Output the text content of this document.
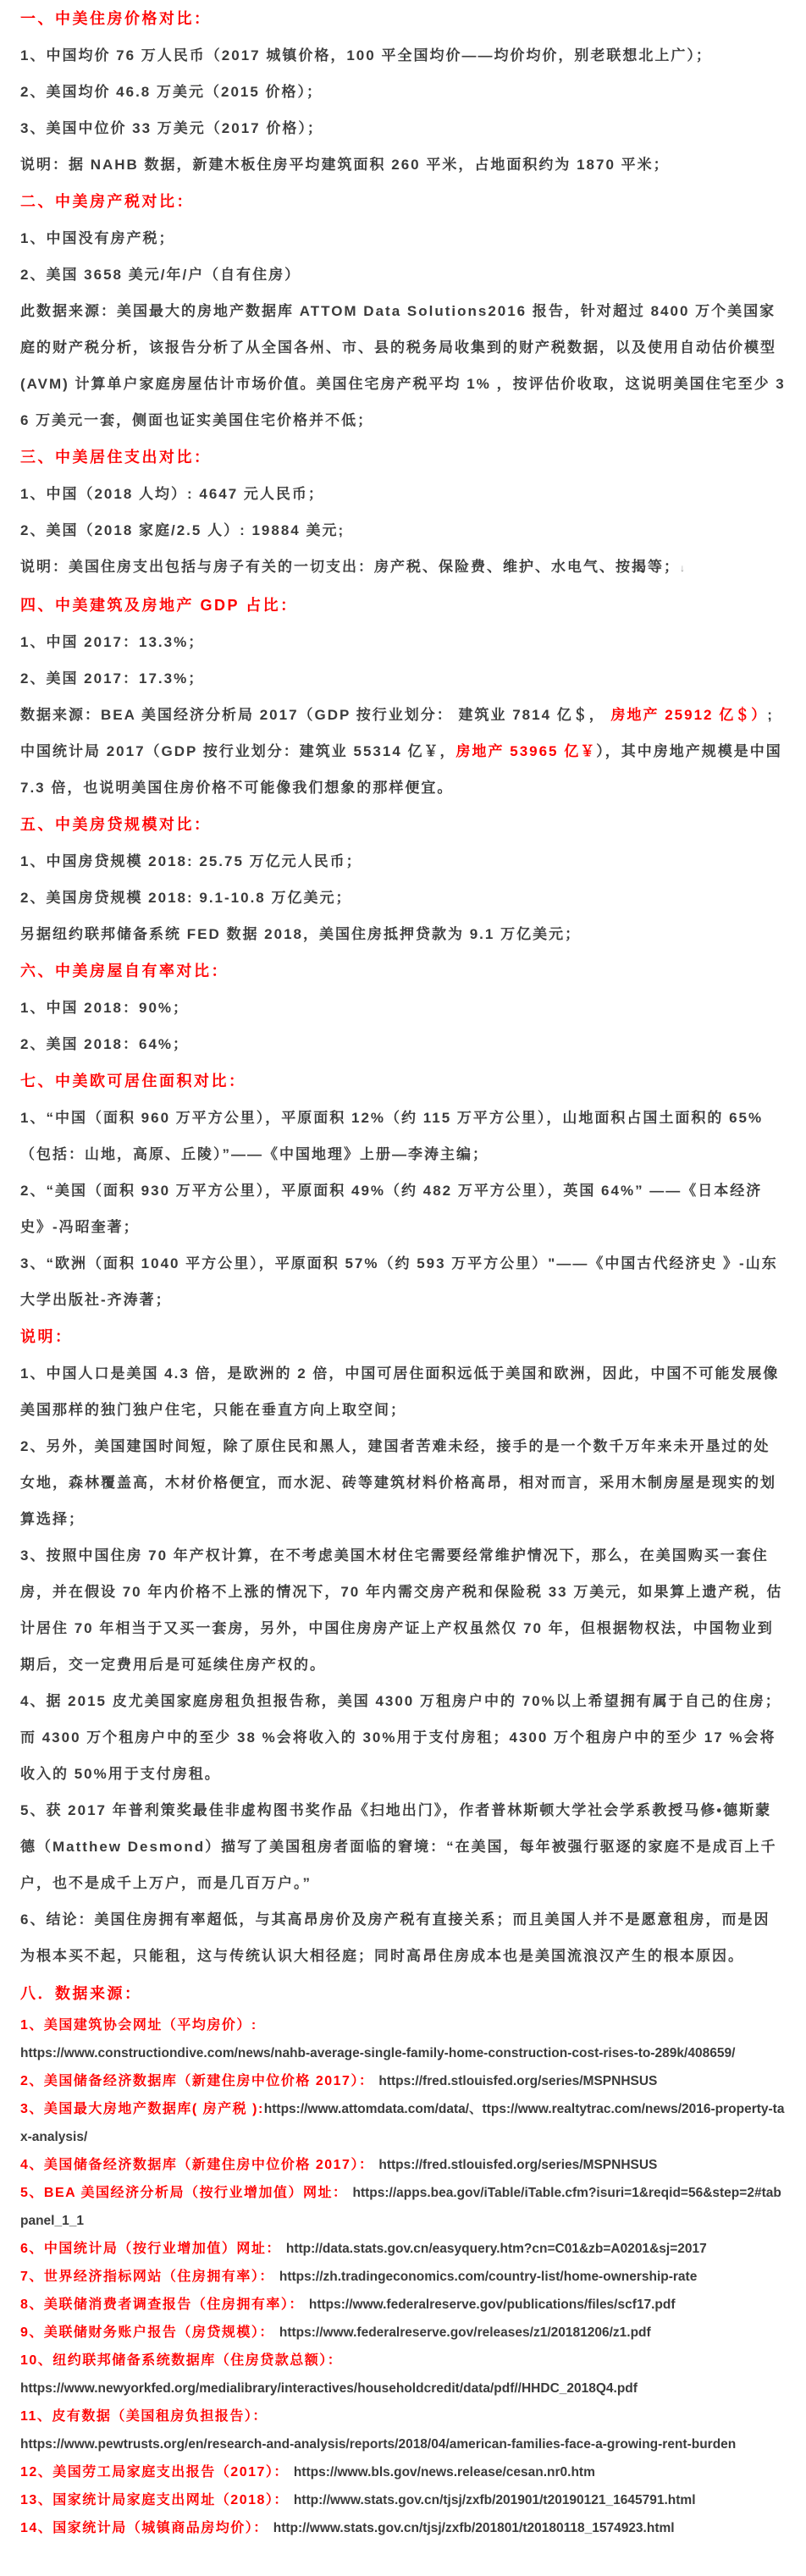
一、中美住房价格对比：

1、中国均价 76 万人民币（2017 城镇价格，100 平全国均价——均价均价，别老联想北上广）；

2、美国均价 46.8 万美元（2015 价格）；

3、美国中位价 33 万美元（2017 价格）；

说明：据 NAHB 数据，新建木板住房平均建筑面积 260 平米，占地面积约为 1870 平米；

二、中美房产税对比：

1、中国没有房产税；

2、美国 3658 美元/年/户（自有住房）

此数据来源：美国最大的房地产数据库 ATTOM Data Solutions2016 报告，针对超过 8400 万个美国家庭的财产税分析，该报告分析了从全国各州、市、县的税务局收集到的财产税数据，以及使用自动估价模型(AVM) 计算单户家庭房屋估计市场价值。美国住宅房产税平均 1% ，按评估价收取，这说明美国住宅至少 36 万美元一套，侧面也证实美国住宅价格并不低；

三、中美居住支出对比：

1、中国（2018 人均）: 4647 元人民币；

2、美国（2018 家庭/2.5 人）: 19884 美元;

说明：美国住房支出包括与房子有关的一切支出：房产税、保险费、维护、水电气、按揭等；↓

四、中美建筑及房地产 GDP 占比：

1、中国 2017：13.3%；

2、美国 2017：17.3%；

数据来源：BEA 美国经济分析局 2017（GDP 按行业划分： 建筑业 7814 亿＄， 房地产 25912 亿＄）;中国统计局 2017（GDP 按行业划分：建筑业 55314 亿￥，房地产 53965 亿￥），其中房地产规模是中国 7.3 倍，也说明美国住房价格不可能像我们想象的那样便宜。

五、中美房贷规模对比：

1、中国房贷规模 2018: 25.75 万亿元人民币；

2、美国房贷规模 2018: 9.1-10.8 万亿美元；

另据纽约联邦储备系统 FED 数据 2018，美国住房抵押贷款为 9.1 万亿美元；

六、中美房屋自有率对比：

1、中国 2018：90%；

2、美国 2018：64%；

七、中美欧可居住面积对比：

1、“中国（面积 960 万平方公里），平原面积 12%（约 115 万平方公里），山地面积占国土面积的 65%（包括：山地，高原、丘陵）”——《中国地理》上册—李涛主编；

2、“美国（面积 930 万平方公里），平原面积 49%（约 482 万平方公里），英国 64%” ——《日本经济史》-冯昭奎著；

3、“欧洲（面积 1040 平方公里），平原面积 57%（约 593 万平方公里）"——《中国古代经济史 》-山东大学出版社-齐涛著；

说明：

1、中国人口是美国 4.3 倍，是欧洲的 2 倍，中国可居住面积远低于美国和欧洲，因此，中国不可能发展像美国那样的独门独户住宅，只能在垂直方向上取空间；

2、另外，美国建国时间短，除了原住民和黑人，建国者苦难未经，接手的是一个数千万年来未开垦过的处女地，森林覆盖高，木材价格便宜，而水泥、砖等建筑材料价格高昂，相对而言，采用木制房屋是现实的划算选择；

3、按照中国住房 70 年产权计算，在不考虑美国木材住宅需要经常维护情况下，那么，在美国购买一套住房，并在假设 70 年内价格不上涨的情况下，70 年内需交房产税和保险税 33 万美元，如果算上遗产税，估计居住 70 年相当于又买一套房，另外，中国住房房产证上产权虽然仅 70 年，但根据物权法，中国物业到期后，交一定费用后是可延续住房产权的。

4、据 2015 皮尤美国家庭房租负担报告称，美国 4300 万租房户中的 70%以上希望拥有属于自己的住房；而 4300 万个租房户中的至少 38 %会将收入的 30%用于支付房租；4300 万个租房户中的至少 17 %会将收入的 50%用于支付房租。

5、获 2017 年普利策奖最佳非虚构图书奖作品《扫地出门》，作者普林斯顿大学社会学系教授马修•德斯蒙德（Matthew Desmond）描写了美国租房者面临的窘境：“在美国，每年被强行驱逐的家庭不是成百上千户，也不是成千上万户，而是几百万户。”

6、结论：美国住房拥有率超低，与其高昂房价及房产税有直接关系；而且美国人并不是愿意租房，而是因为根本买不起，只能租，这与传统认识大相径庭；同时高昂住房成本也是美国流浪汉产生的根本原因。

八．数据来源：

1、美国建筑协会网址（平均房价）:
https://www.constructiondive.com/news/nahb-average-single-family-home-construction-cost-rises-to-289k/408659/

2、美国储备经济数据库（新建住房中位价格 2017）： https://fred.stlouisfed.org/series/MSPNHSUS

3、美国最大房地产数据库( 房产税 ):https://www.attomdata.com/data/、ttps://www.realtytrac.com/news/2016-property-tax-analysis/

4、美国储备经济数据库（新建住房中位价格 2017）： https://fred.stlouisfed.org/series/MSPNHSUS

5、BEA 美国经济分析局（按行业增加值）网址： https://apps.bea.gov/iTable/iTable.cfm?isuri=1&reqid=56&step=2#tabpanel_1_1

6、中国统计局（按行业增加值）网址： http://data.stats.gov.cn/easyquery.htm?cn=C01&zb=A0201&sj=2017

7、世界经济指标网站（住房拥有率）： https://zh.tradingeconomics.com/country-list/home-ownership-rate

8、美联储消费者调查报告（住房拥有率）： https://www.federalreserve.gov/publications/files/scf17.pdf

9、美联储财务账户报告（房贷规模）： https://www.federalreserve.gov/releases/z1/20181206/z1.pdf

10、纽约联邦储备系统数据库（住房贷款总额）：
https://www.newyorkfed.org/medialibrary/interactives/householdcredit/data/pdf//HHDC_2018Q4.pdf

11、皮有数据（美国租房负担报告）：
https://www.pewtrusts.org/en/research-and-analysis/reports/2018/04/american-families-face-a-growing-rent-burden

12、美国劳工局家庭支出报告（2017）： https://www.bls.gov/news.release/cesan.nr0.htm

13、国家统计局家庭支出网址（2018）： http://www.stats.gov.cn/tjsj/zxfb/201901/t20190121_1645791.html

14、国家统计局（城镇商品房均价）： http://www.stats.gov.cn/tjsj/zxfb/201801/t20180118_1574923.html
